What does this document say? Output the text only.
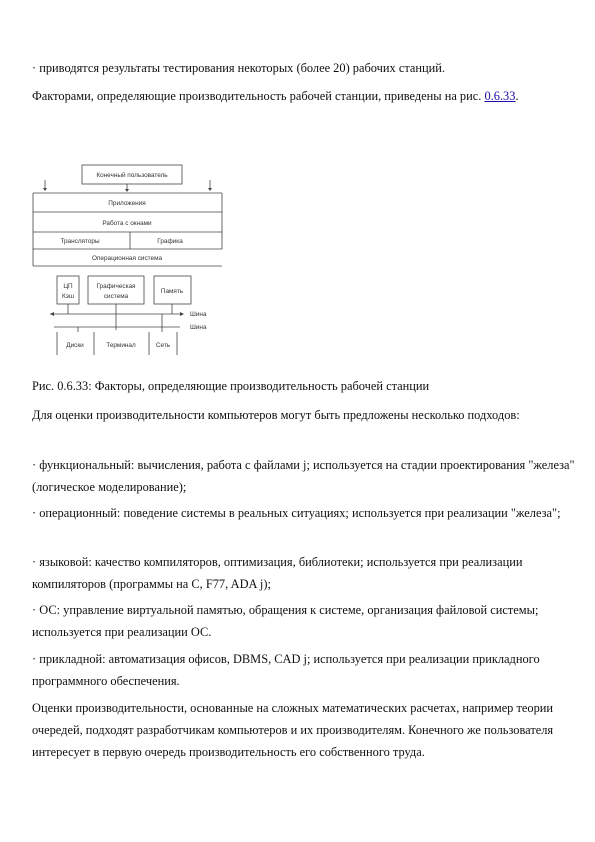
· приводятся результаты тестирования некоторых (более 20) рабочих станций.

Факторами, определяющие производительность рабочей станции, приведены на рис. 0.6.33.

Конечный пользователь
Приложения
Работа с окнами
Трансляторы	Графика
Операционная система
ЦП
Кэш
Графическая
система
Память
Шина
Шина
Диски	Терминал	Сеть

Рис. 0.6.33: Факторы, определяющие производительность рабочей станции

Для оценки производительности компьютеров могут быть предложены несколько подходов:

· функциональный: вычисления, работа с файлами j; используется на стадии проектирования "железа" (логическое моделирование);

· операционный: поведение системы в реальных ситуациях; используется при реализации "железа";

· языковой: качество компиляторов, оптимизация, библиотеки; используется при реализации компиляторов (программы на C, F77, ADA j);

· ОС: управление виртуальной памятью, обращения к системе, организация файловой системы; используется при реализации ОС.

· прикладной: автоматизация офисов, DBMS, CAD j; используется при реализации прикладного программного обеспечения.

Оценки производительности, основанные на сложных математических расчетах, например теории очередей, подходят разработчикам компьютеров и их производителям. Конечного же пользователя интересует в первую очередь производительность его собственного труда.
